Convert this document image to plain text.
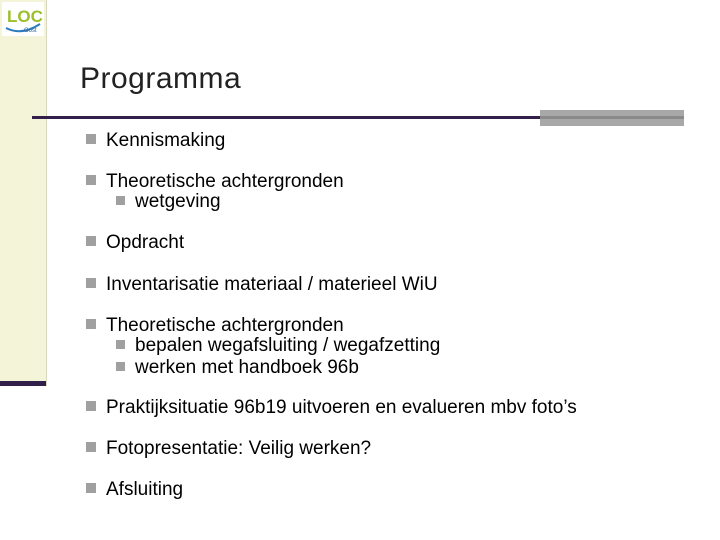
LOC
Oost
Programma
Kennismaking
Theoretische achtergronden
wetgeving
Opdracht
Inventarisatie materiaal / materieel WiU
Theoretische achtergronden
bepalen wegafsluiting / wegafzetting
werken met handboek 96b
Praktijksituatie 96b19 uitvoeren en evalueren mbv foto’s
Fotopresentatie: Veilig werken?
Afsluiting
